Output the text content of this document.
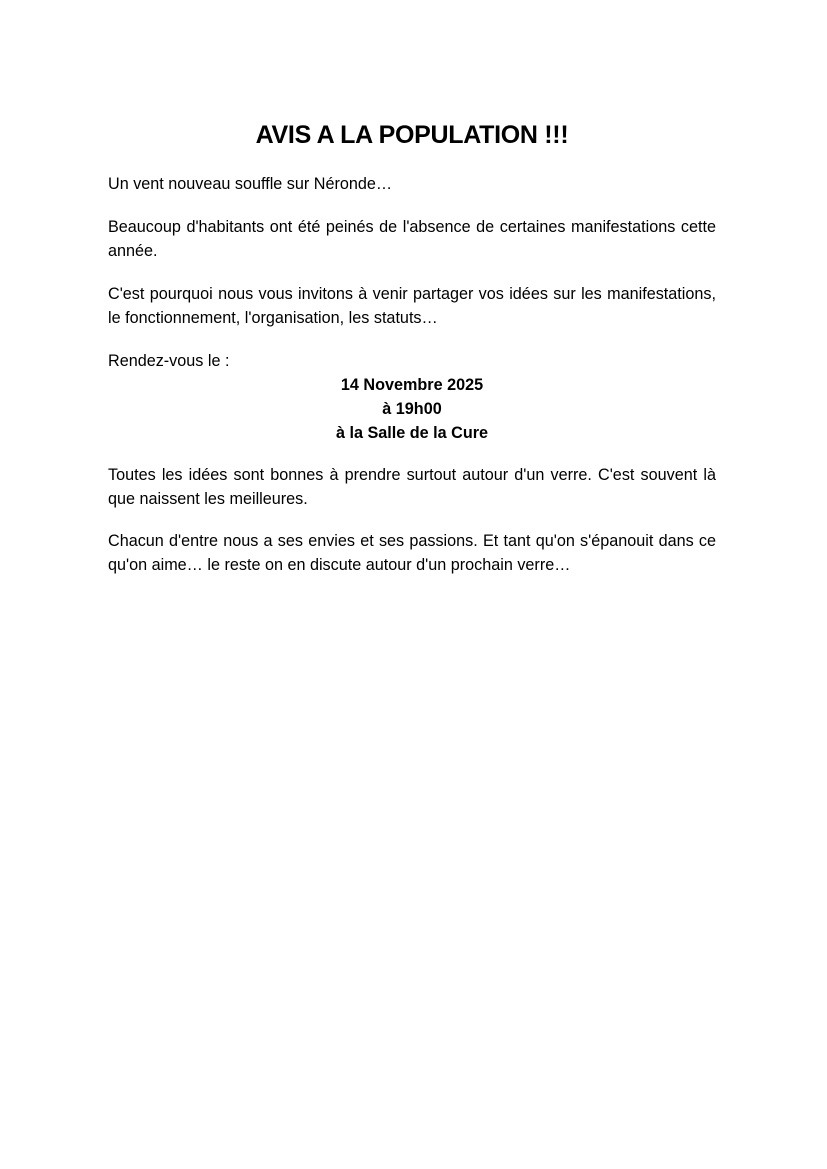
AVIS A LA POPULATION !!!

Un vent nouveau souffle sur Néronde…

Beaucoup d'habitants ont été peinés de l'absence de certaines manifestations cette année.

C'est pourquoi nous vous invitons à venir partager vos idées sur les manifestations, le fonctionnement, l'organisation, les statuts…

Rendez-vous le :

14 Novembre 2025
à 19h00
à la Salle de la Cure

Toutes les idées sont bonnes à prendre surtout autour d'un verre. C'est souvent là que naissent les meilleures.

Chacun d'entre nous a ses envies et ses passions. Et tant qu'on s'épanouit dans ce qu'on aime… le reste on en discute autour d'un prochain verre…
